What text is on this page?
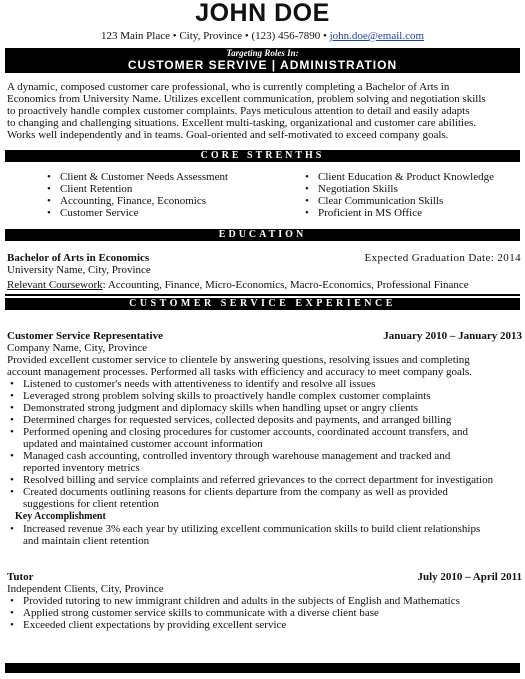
JOHN DOE
123 Main Place • City, Province • (123) 456-7890 • john.doe@email.com
Targeting Roles In:
CUSTOMER SERVIVE | ADMINISTRATION
A dynamic, composed customer care professional, who is currently completing a Bachelor of Arts in
Economics from University Name. Utilizes excellent communication, problem solving and negotiation skills
to proactively handle complex customer complaints. Pays meticulous attention to detail and easily adapts
to changing and challenging situations. Excellent multi-tasking, organizational and customer care abilities.
Works well independently and in teams. Goal-oriented and self-motivated to exceed company goals.
CORE STRENTHS
• Client & Customer Needs Assessment
• Client Retention
• Accounting, Finance, Economics
• Customer Service
• Client Education & Product Knowledge
• Negotiation Skills
• Clear Communication Skills
• Proficient in MS Office
EDUCATION
Bachelor of Arts in Economics	Expected Graduation Date: 2014
University Name, City, Province
Relevant Coursework: Accounting, Finance, Micro-Economics, Macro-Economics, Professional Finance
CUSTOMER SERVICE EXPERIENCE
Customer Service Representative	January 2010 – January 2013
Company Name, City, Province
Provided excellent customer service to clientele by answering questions, resolving issues and completing
account management processes. Performed all tasks with efficiency and accuracy to meet company goals.
• Listened to customer's needs with attentiveness to identify and resolve all issues
• Leveraged strong problem solving skills to proactively handle complex customer complaints
• Demonstrated strong judgment and diplomacy skills when handling upset or angry clients
• Determined charges for requested services, collected deposits and payments, and arranged billing
• Performed opening and closing procedures for customer accounts, coordinated account transfers, and
updated and maintained customer account information
• Managed cash accounting, controlled inventory through warehouse management and tracked and
reported inventory metrics
• Resolved billing and service complaints and referred grievances to the correct department for investigation
• Created documents outlining reasons for clients departure from the company as well as provided
suggestions for client retention
Key Accomplishment
• Increased revenue 3% each year by utilizing excellent communication skills to build client relationships
and maintain client retention
Tutor	July 2010 – April 2011
Independent Clients, City, Province
• Provided tutoring to new immigrant children and adults in the subjects of English and Mathematics
• Applied strong customer service skills to communicate with a diverse client base
• Exceeded client expectations by providing excellent service
